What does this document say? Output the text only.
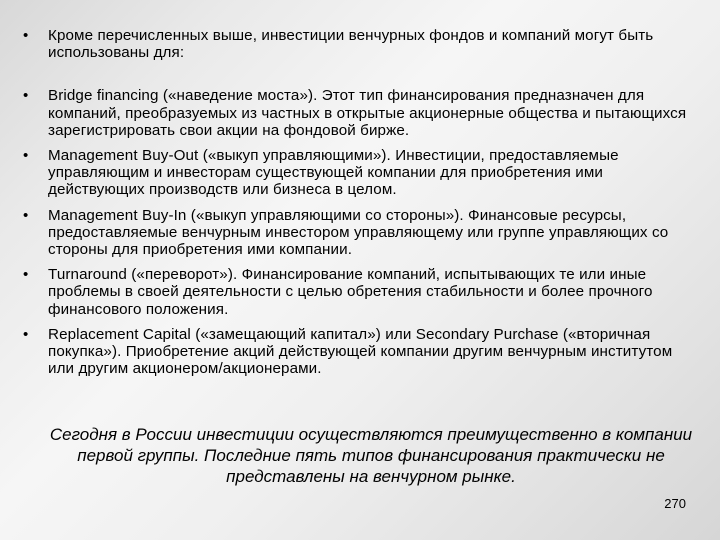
• Кроме перечисленных выше, инвестиции венчурных фондов и компаний могут быть использованы для:
• Bridge financing («наведение моста»). Этот тип финансирования предназначен для компаний, преобразуемых из частных в открытые акционерные общества и пытающихся зарегистрировать свои акции на фондовой бирже.
• Management Buy-Out («выкуп управляющими»). Инвестиции, предоставляемые управляющим и инвесторам существующей компании для приобретения ими действующих производств или бизнеса в целом.
• Management Buy-In («выкуп управляющими со стороны»). Финансовые ресурсы, предоставляемые венчурным инвестором управляющему или группе управляющих со стороны для приобретения ими компании.
• Turnaround («переворот»). Финансирование компаний, испытывающих те или иные проблемы в своей деятельности с целью обретения стабильности и более прочного финансового положения.
• Replacement Capital («замещающий капитал») или Secondary Purchase («вторичная покупка»). Приобретение акций действующей компании другим венчурным институтом или другим акционером/акционерами.

Сегодня в России инвестиции осуществляются преимущественно в компании первой группы. Последние пять типов финансирования практически не представлены на венчурном рынке.

270
